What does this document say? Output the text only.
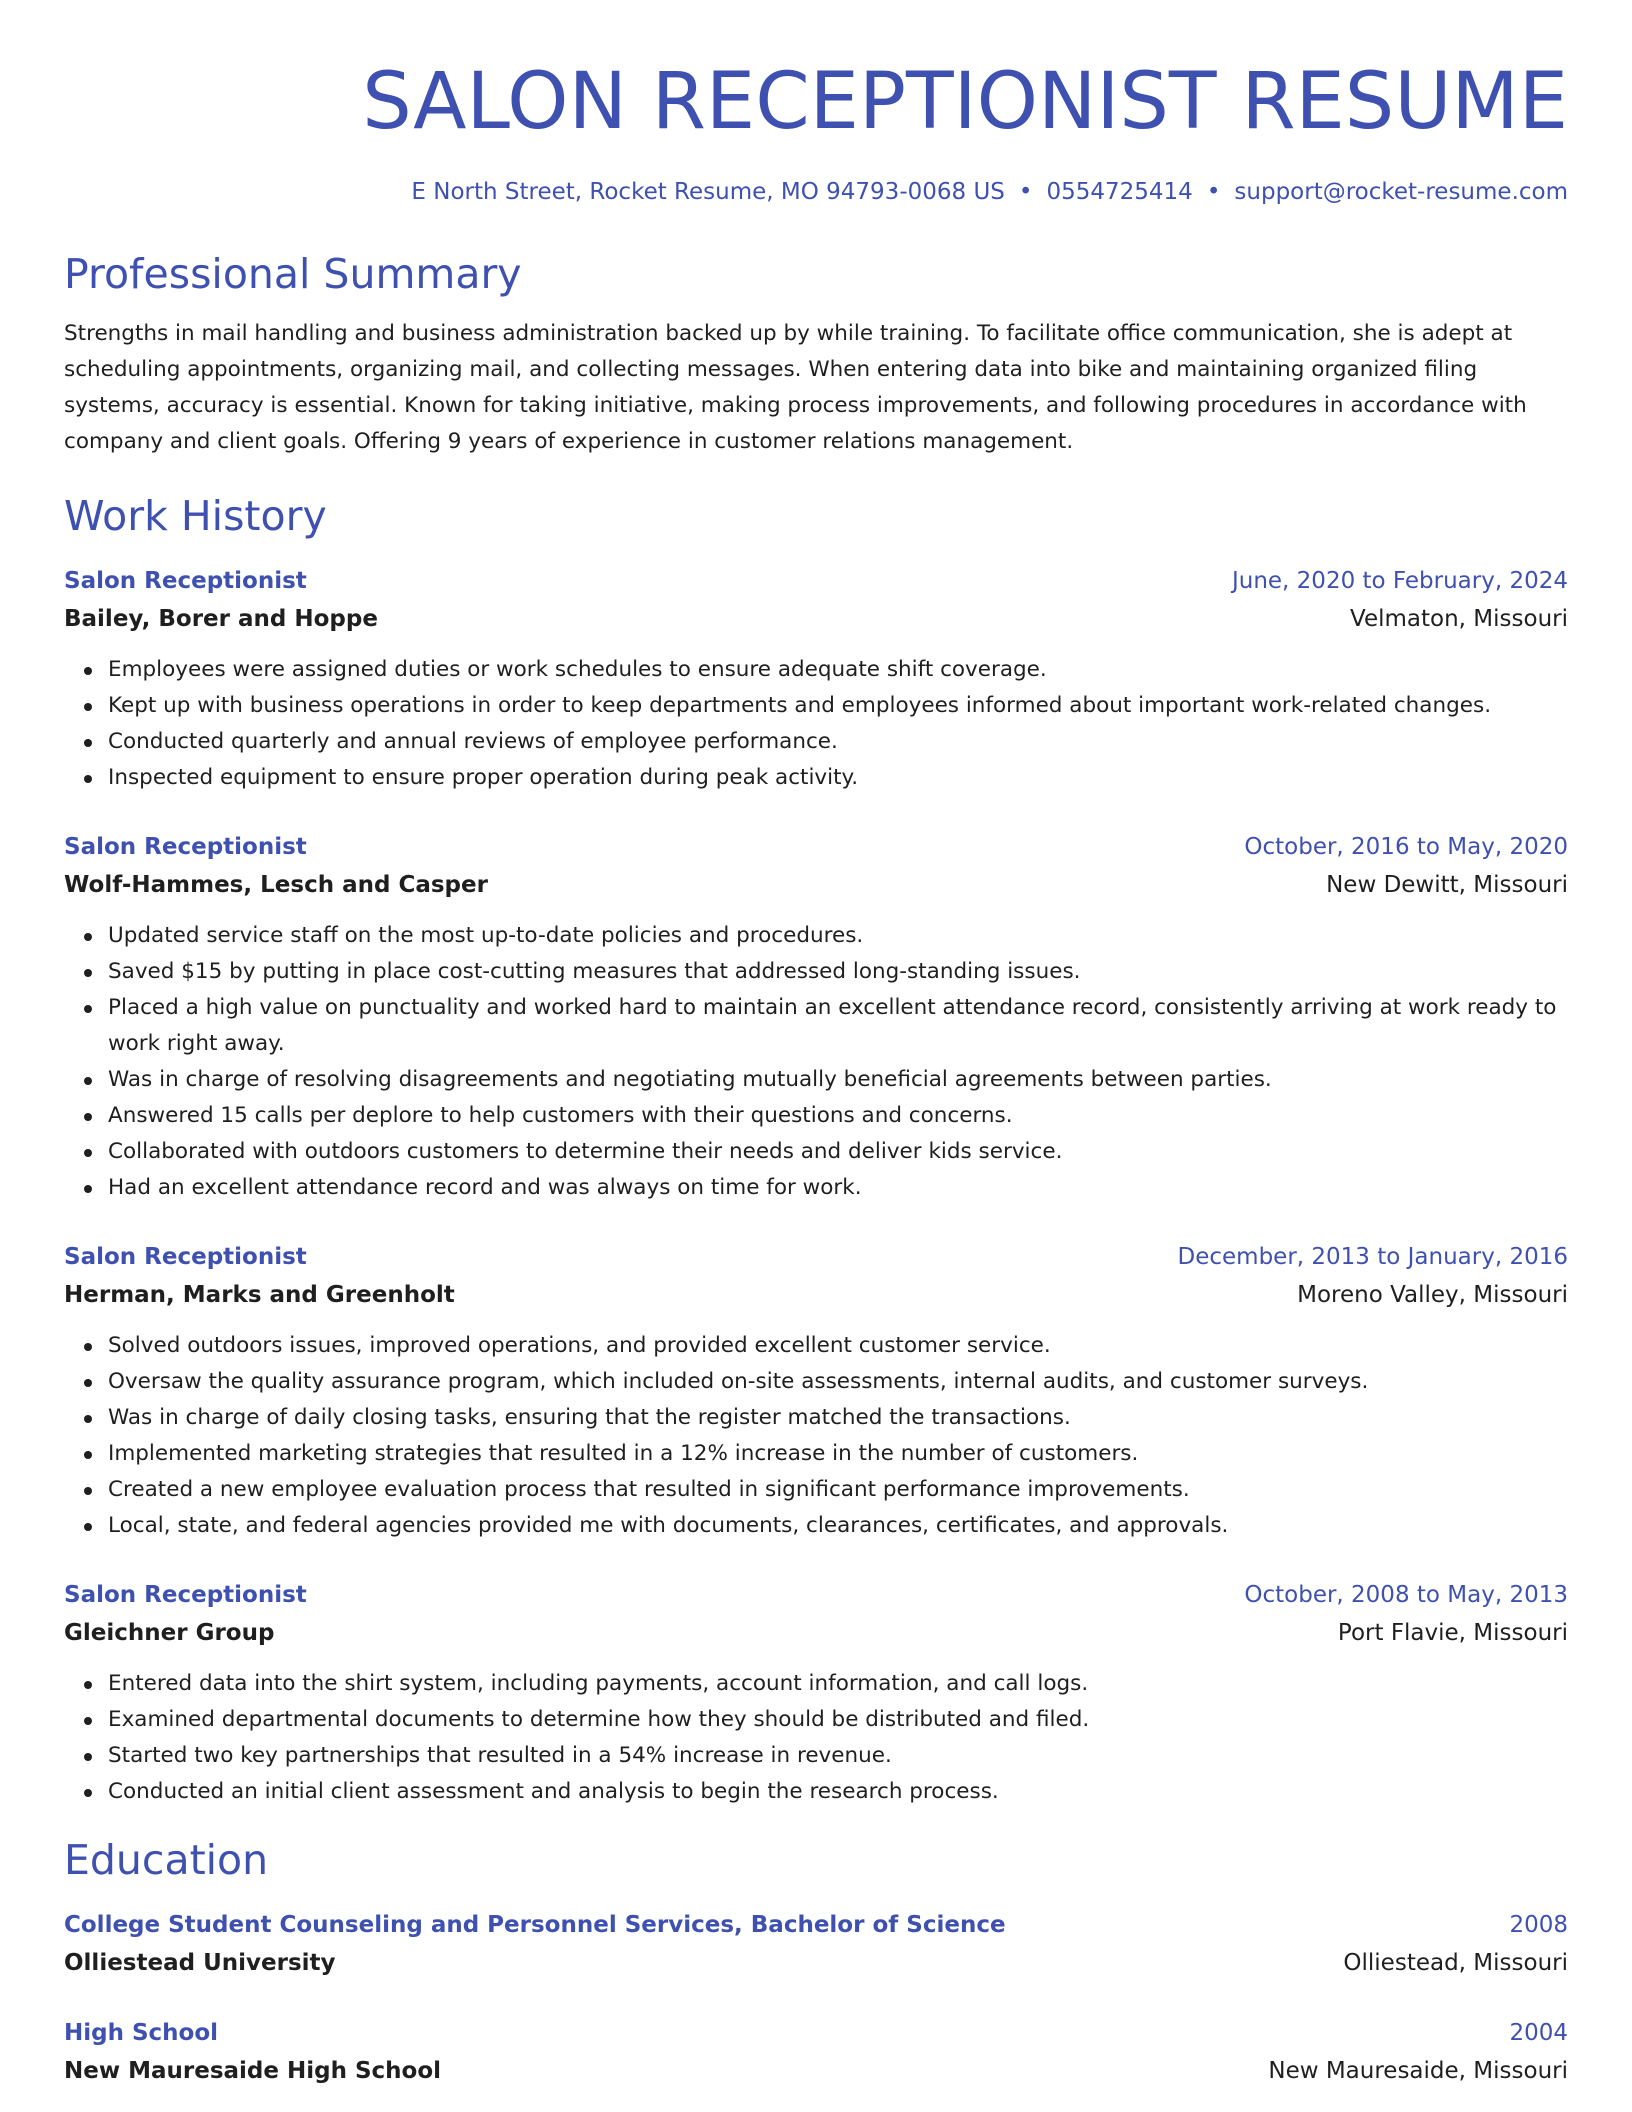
SALON RECEPTIONIST RESUME
E North Street, Rocket Resume, MO 94793-0068 US • 0554725414 • support@rocket-resume.com
Professional Summary
Strengths in mail handling and business administration backed up by while training. To facilitate office communication, she is adept at scheduling appointments, organizing mail, and collecting messages. When entering data into bike and maintaining organized filing systems, accuracy is essential. Known for taking initiative, making process improvements, and following procedures in accordance with company and client goals. Offering 9 years of experience in customer relations management.
Work History
Salon Receptionist	June, 2020 to February, 2024
Bailey, Borer and Hoppe	Velmaton, Missouri
Employees were assigned duties or work schedules to ensure adequate shift coverage.
Kept up with business operations in order to keep departments and employees informed about important work-related changes.
Conducted quarterly and annual reviews of employee performance.
Inspected equipment to ensure proper operation during peak activity.
Salon Receptionist	October, 2016 to May, 2020
Wolf-Hammes, Lesch and Casper	New Dewitt, Missouri
Updated service staff on the most up-to-date policies and procedures.
Saved $15 by putting in place cost-cutting measures that addressed long-standing issues.
Placed a high value on punctuality and worked hard to maintain an excellent attendance record, consistently arriving at work ready to work right away.
Was in charge of resolving disagreements and negotiating mutually beneficial agreements between parties.
Answered 15 calls per deplore to help customers with their questions and concerns.
Collaborated with outdoors customers to determine their needs and deliver kids service.
Had an excellent attendance record and was always on time for work.
Salon Receptionist	December, 2013 to January, 2016
Herman, Marks and Greenholt	Moreno Valley, Missouri
Solved outdoors issues, improved operations, and provided excellent customer service.
Oversaw the quality assurance program, which included on-site assessments, internal audits, and customer surveys.
Was in charge of daily closing tasks, ensuring that the register matched the transactions.
Implemented marketing strategies that resulted in a 12% increase in the number of customers.
Created a new employee evaluation process that resulted in significant performance improvements.
Local, state, and federal agencies provided me with documents, clearances, certificates, and approvals.
Salon Receptionist	October, 2008 to May, 2013
Gleichner Group	Port Flavie, Missouri
Entered data into the shirt system, including payments, account information, and call logs.
Examined departmental documents to determine how they should be distributed and filed.
Started two key partnerships that resulted in a 54% increase in revenue.
Conducted an initial client assessment and analysis to begin the research process.
Education
College Student Counseling and Personnel Services, Bachelor of Science	2008
Olliestead University	Olliestead, Missouri
High School	2004
New Mauresaide High School	New Mauresaide, Missouri
